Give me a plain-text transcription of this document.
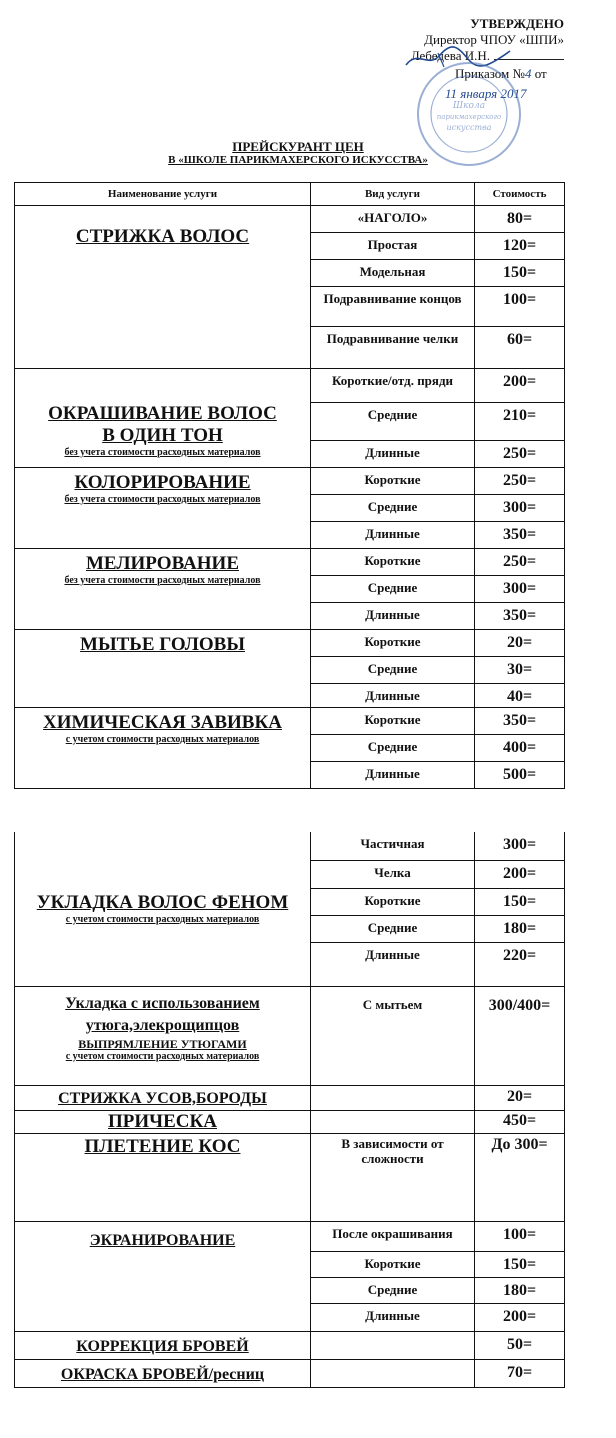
УТВЕРЖДЕНО
Директор ЧПОУ «ШПИ»
Лебедева И.Н.
Приказом №4 от
11 января 2017
Школа
парикмахерского
искусства
ПРЕЙСКУРАНТ ЦЕН
В «ШКОЛЕ ПАРИКМАХЕРСКОГО ИСКУССТВА»
Наименование услуги	Вид услуги	Стоимость

СТРИЖКА ВОЛОС	«НАГОЛО»	80=
	Простая	120=
	Модельная	150=
	Подравнивание концов	100=
	Подравнивание челки	60=

ОКРАШИВАНИЕ ВОЛОС В ОДИН ТОН
без учета стоимости расходных материалов	Короткие/отд. пряди	200=
	Средние	210=
	Длинные	250=

КОЛОРИРОВАНИЕ
без учета стоимости расходных материалов	Короткие	250=
	Средние	300=
	Длинные	350=

МЕЛИРОВАНИЕ
без учета стоимости расходных материалов	Короткие	250=
	Средние	300=
	Длинные	350=

МЫТЬЕ ГОЛОВЫ	Короткие	20=
	Средние	30=
	Длинные	40=

ХИМИЧЕСКАЯ ЗАВИВКА
с учетом стоимости расходных материалов	Короткие	350=
	Средние	400=
	Длинные	500=
УКЛАДКА ВОЛОС ФЕНОМ
с учетом стоимости расходных материалов	Частичная	300=
	Челка	200=
	Короткие	150=
	Средние	180=
	Длинные	220=

Укладка с использованием утюга,элекрощипцов
ВЫПРЯМЛЕНИЕ УТЮГАМИ
с учетом стоимости расходных материалов	С мытьем	300/400=

СТРИЖКА УСОВ,БОРОДЫ		20=

ПРИЧЕСКА		450=

ПЛЕТЕНИЕ КОС	В зависимости от сложности	До 300=

ЭКРАНИРОВАНИЕ	После окрашивания	100=
	Короткие	150=
	Средние	180=
	Длинные	200=

КОРРЕКЦИЯ БРОВЕЙ		50=

ОКРАСКА БРОВЕЙ/ресниц		70=
